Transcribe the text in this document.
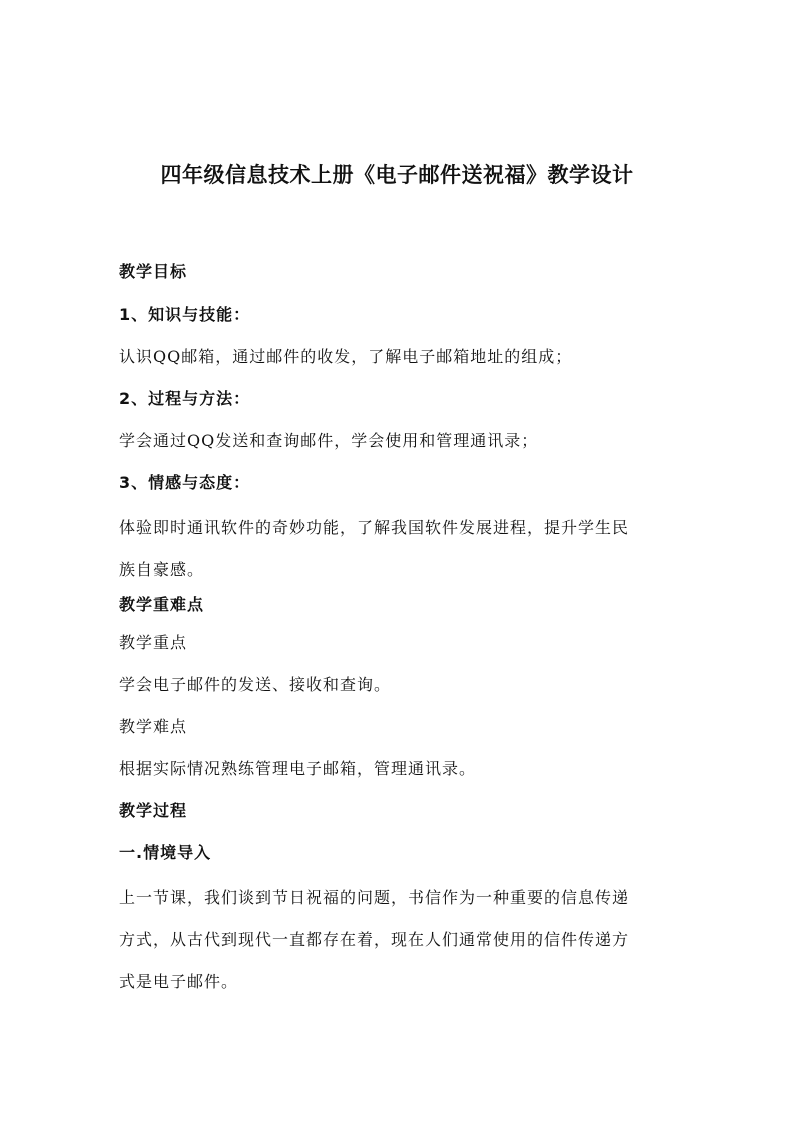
四年级信息技术上册《电子邮件送祝福》教学设计

教学目标

1、知识与技能：

认识QQ邮箱，通过邮件的收发，了解电子邮箱地址的组成；

2、过程与方法：

学会通过QQ发送和查询邮件，学会使用和管理通讯录；

3、情感与态度：

体验即时通讯软件的奇妙功能，了解我国软件发展进程，提升学生民

族自豪感。

教学重难点

教学重点

学会电子邮件的发送、接收和查询。

教学难点

根据实际情况熟练管理电子邮箱，管理通讯录。

教学过程

一.情境导入

上一节课，我们谈到节日祝福的问题，书信作为一种重要的信息传递

方式，从古代到现代一直都存在着，现在人们通常使用的信件传递方

式是电子邮件。
